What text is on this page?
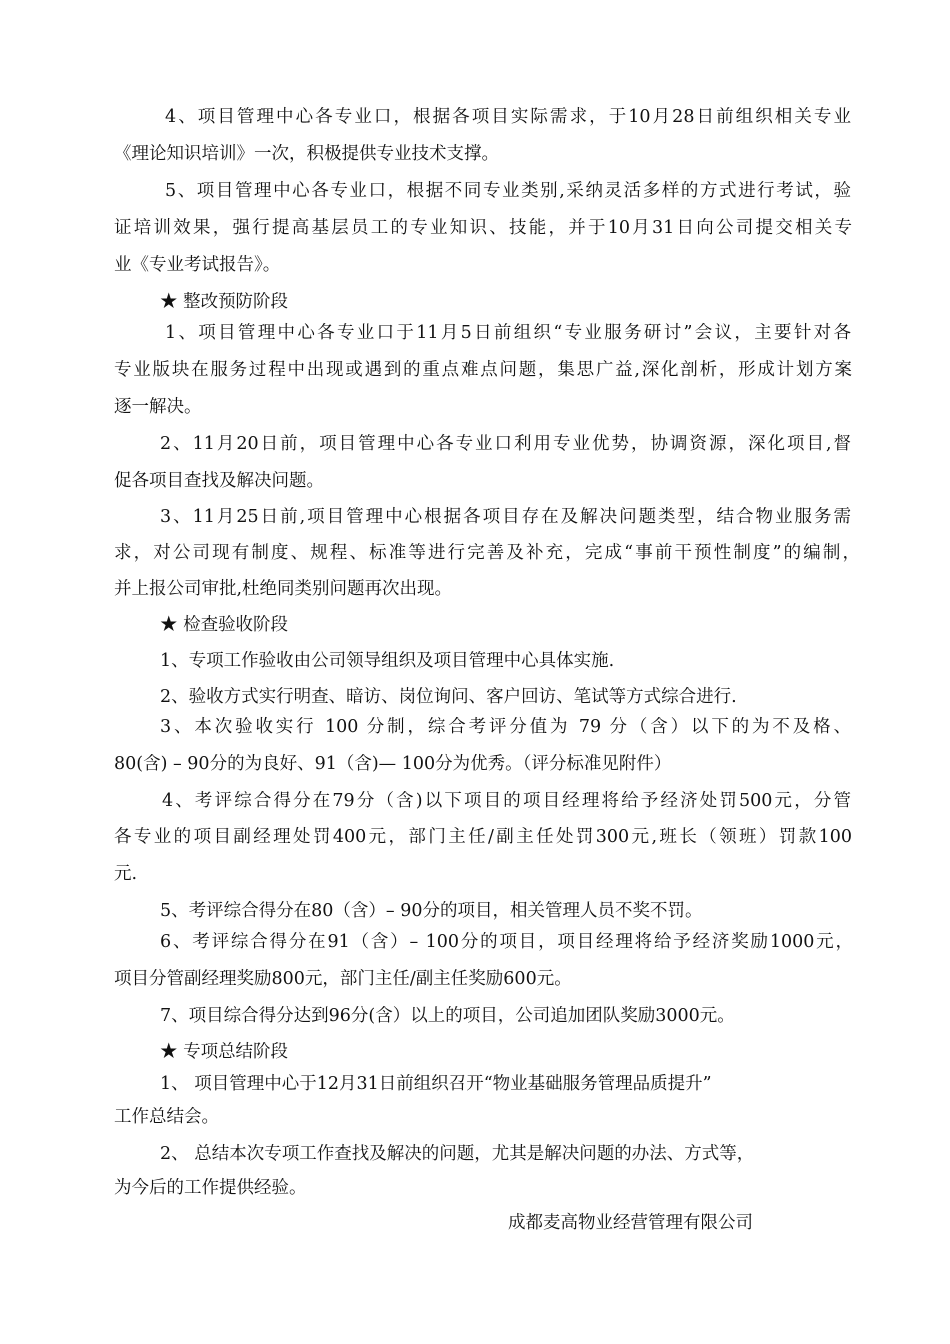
4、项目管理中心各专业口，根据各项目实际需求，于10月28日前组织相关专业
《理论知识培训》一次，积极提供专业技术支撑。
5、项目管理中心各专业口，根据不同专业类别,采纳灵活多样的方式进行考试，验
证培训效果，强行提高基层员工的专业知识、技能，并于10月31日向公司提交相关专
业《专业考试报告》。
★ 整改预防阶段
1、项目管理中心各专业口于11月5日前组织“专业服务研讨”会议，主要针对各
专业版块在服务过程中出现或遇到的重点难点问题，集思广益,深化剖析，形成计划方案
逐一解决。
2、11月20日前，项目管理中心各专业口利用专业优势，协调资源，深化项目,督
促各项目查找及解决问题。
3、11月25日前,项目管理中心根据各项目存在及解决问题类型，结合物业服务需
求，对公司现有制度、规程、标准等进行完善及补充，完成“事前干预性制度”的编制，
并上报公司审批,杜绝同类别问题再次出现。
★ 检查验收阶段
1、专项工作验收由公司领导组织及项目管理中心具体实施.
2、验收方式实行明查、暗访、岗位询问、客户回访、笔试等方式综合进行.
3、本次验收实行 100 分制，综合考评分值为 79 分（含）以下的为不及格、
80(含) – 90分的为良好、91（含)— 100分为优秀。（评分标准见附件）
4、考评综合得分在79分（含)以下项目的项目经理将给予经济处罚500元，分管
各专业的项目副经理处罚400元，部门主任/副主任处罚300元,班长（领班）罚款100
元.
5、考评综合得分在80（含）– 90分的项目，相关管理人员不奖不罚。
6、考评综合得分在91（含）– 100分的项目，项目经理将给予经济奖励1000元，
项目分管副经理奖励800元，部门主任/副主任奖励600元。
7、项目综合得分达到96分(含）以上的项目，公司追加团队奖励3000元。
★ 专项总结阶段
1、 项目管理中心于12月31日前组织召开“物业基础服务管理品质提升”
工作总结会。
2、 总结本次专项工作查找及解决的问题，尤其是解决问题的办法、方式等，
为今后的工作提供经验。
成都麦高物业经营管理有限公司
